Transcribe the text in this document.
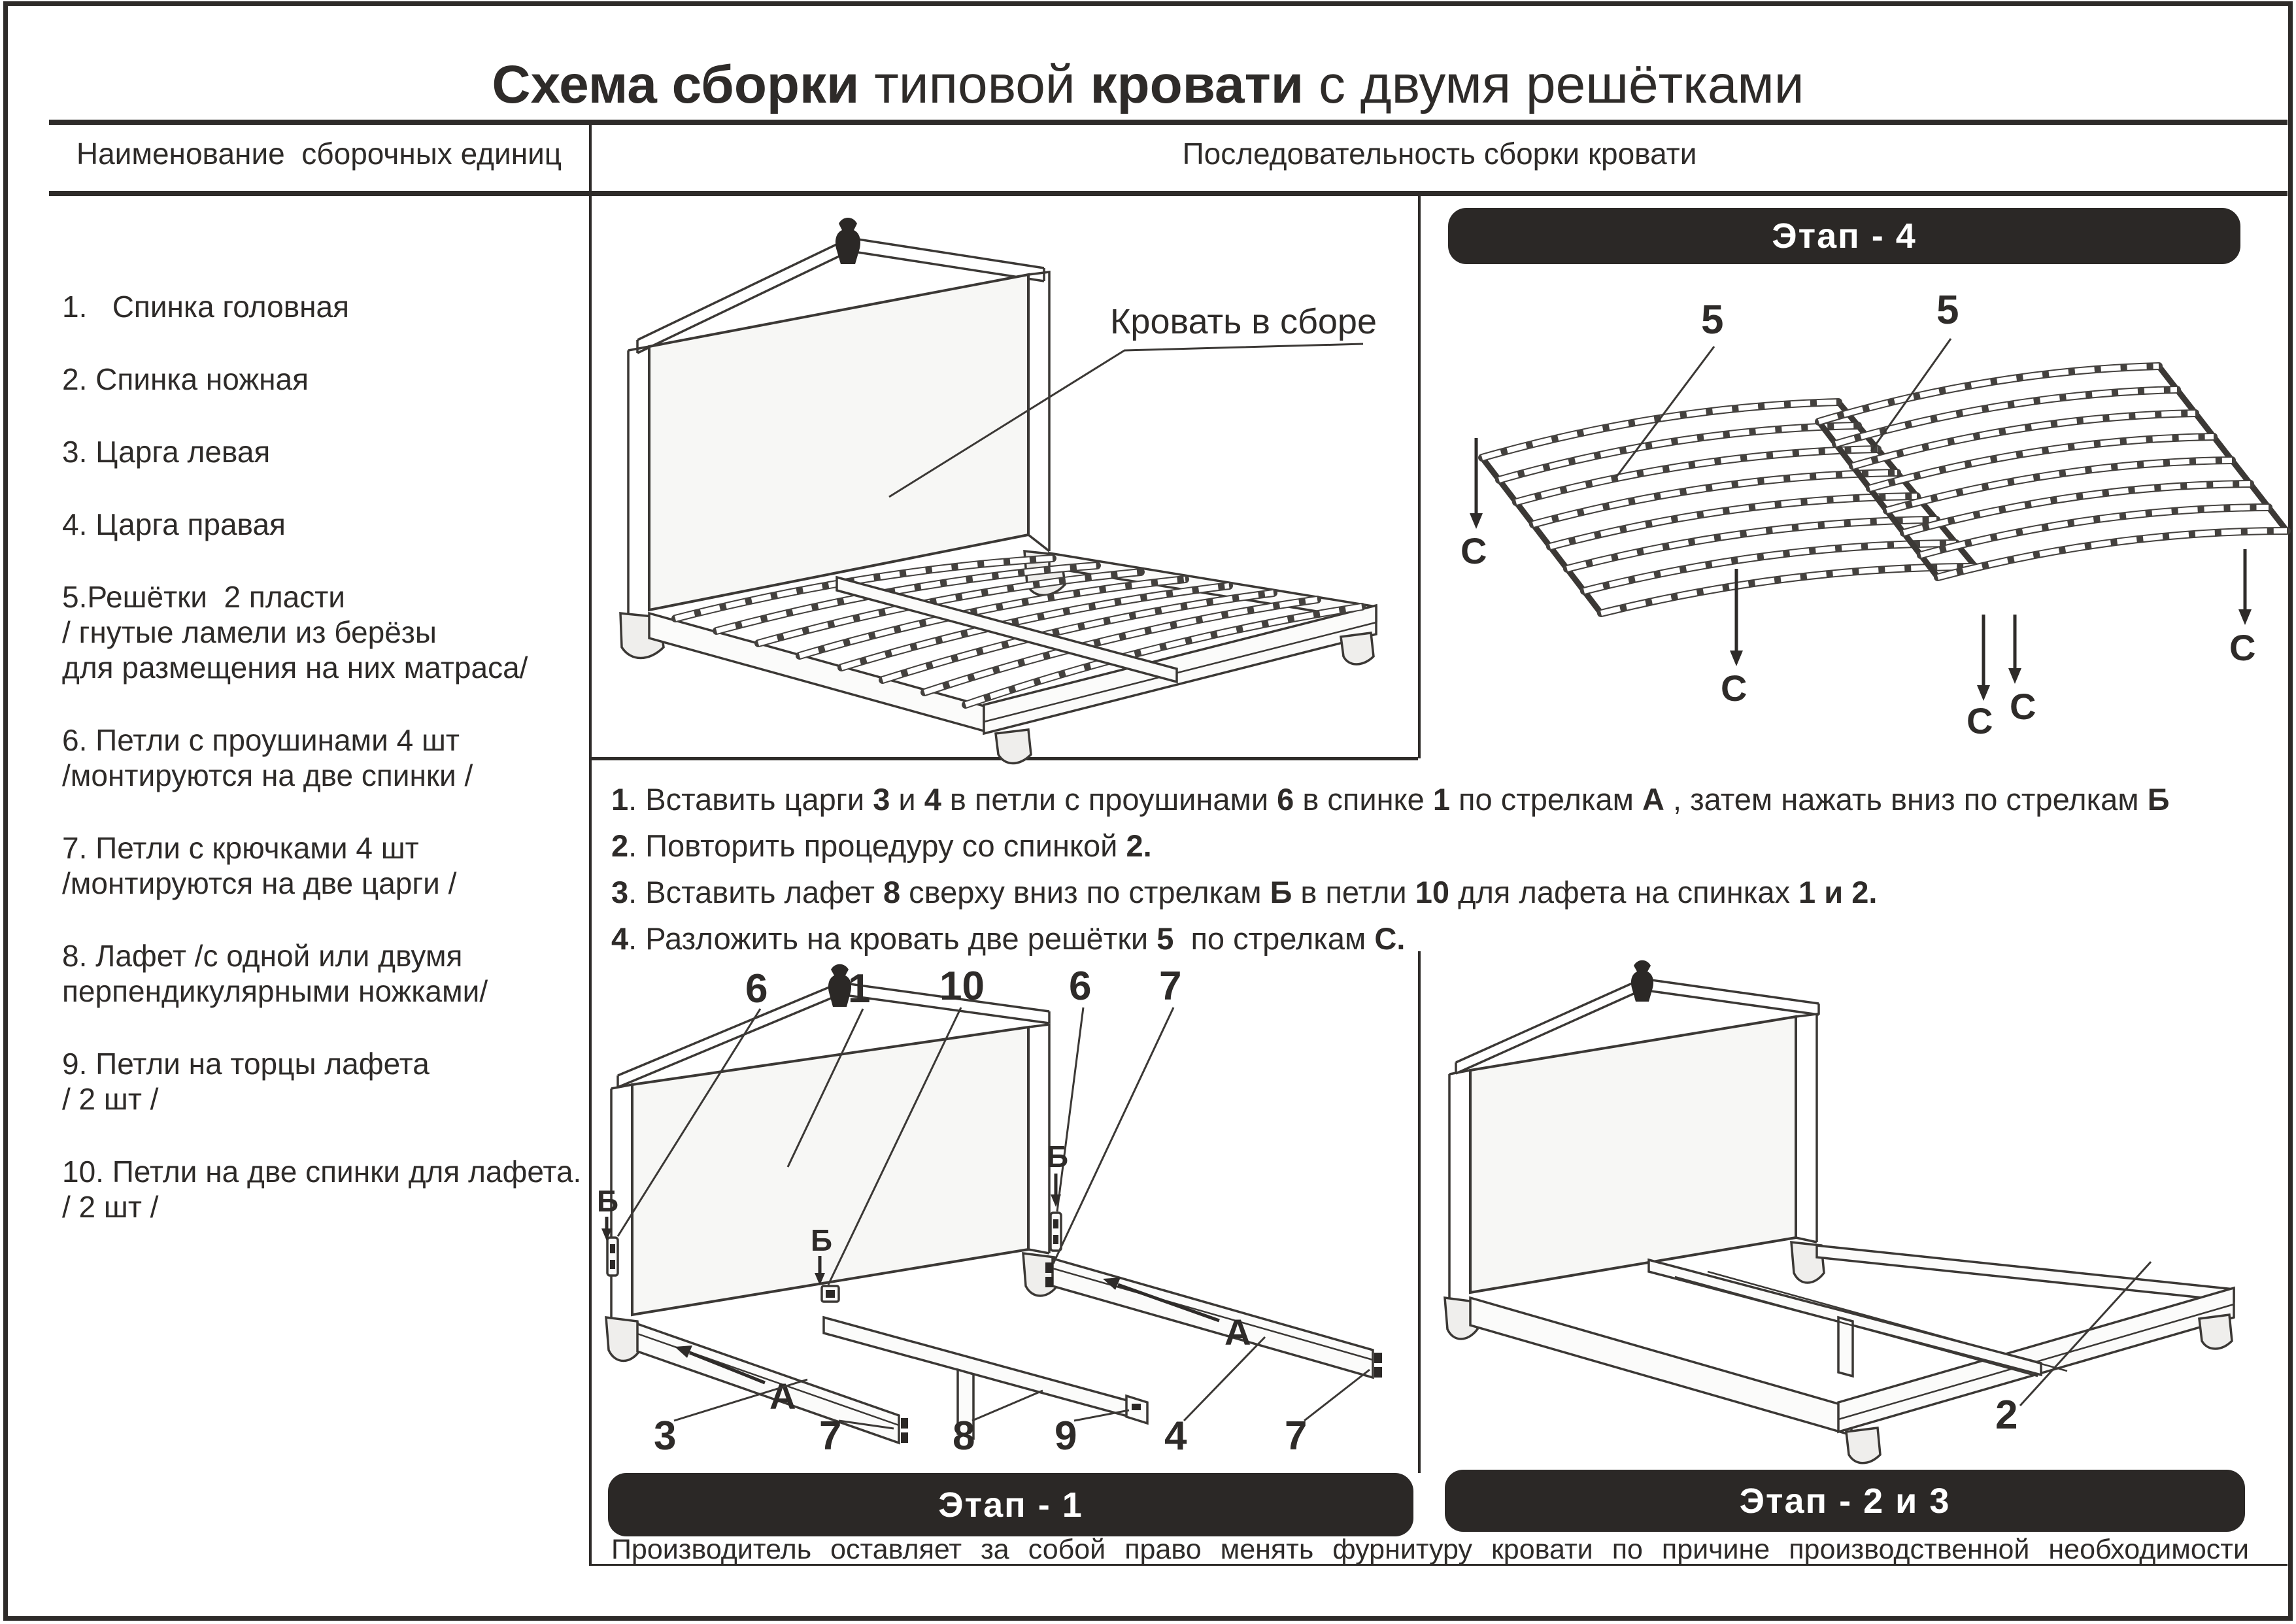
Схема сборки типовой кровати с двумя решётками
Наименование  сборочных единиц	Последовательность сборки кровати
1.   Спинка головная
2. Спинка ножная
3. Царга левая
4. Царга правая
5.Решётки  2 пласти
/ гнутые ламели из берёзы
для размещения на них матраса/
6. Петли с проушинами 4 шт
/монтируются на две спинки /
7. Петли с крючками 4 шт
/монтируются на две царги /
8. Лафет /с одной или двумя
перпендикулярными ножками/
9. Петли на торцы лафета
/ 2 шт /
10. Петли на две спинки для лафета.
/ 2 шт /
Кровать в сборе
Этап - 4
5	5
С
С
С С
С
1. Вставить царги 3 и 4 в петли с проушинами 6 в спинке 1 по стрелкам А , затем нажать вниз по стрелкам Б
2. Повторить процедуру со спинкой 2.
3. Вставить лафет 8 сверху вниз по стрелкам Б в петли 10 для лафета на спинках 1 и 2.
4. Разложить на кровать две решётки 5  по стрелкам С.
6 1 10 6 7
Б
Б
Б
А
А
3	7	8 9 4 7
Этап - 1
2
Этап - 2 и 3
Производитель оставляет за собой право менять фурнитуру кровати по причине производственной необходимости
